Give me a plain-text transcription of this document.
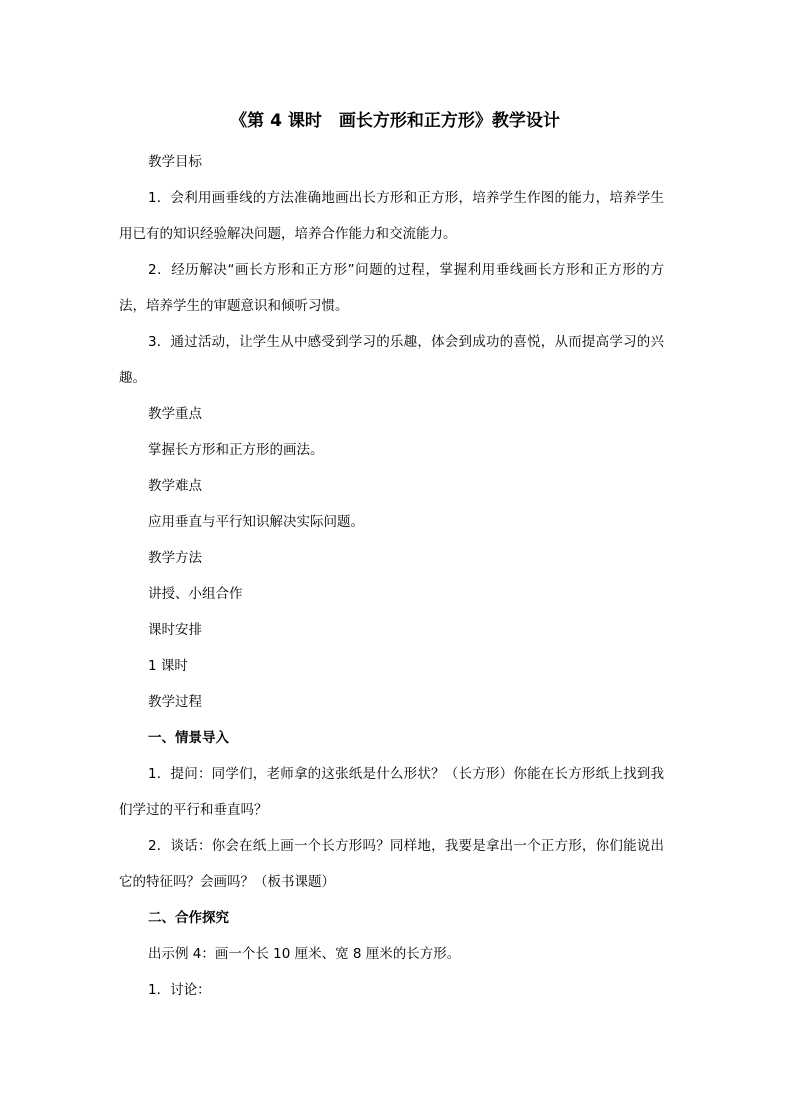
《第 4 课时　画长方形和正方形》教学设计
教学目标
1．会利用画垂线的方法准确地画出长方形和正方形，培养学生作图的能力，培养学生用已有的知识经验解决问题，培养合作能力和交流能力。
2．经历解决“画长方形和正方形”问题的过程，掌握利用垂线画长方形和正方形的方法，培养学生的审题意识和倾听习惯。
3．通过活动，让学生从中感受到学习的乐趣，体会到成功的喜悦，从而提高学习的兴趣。
教学重点
掌握长方形和正方形的画法。
教学难点
应用垂直与平行知识解决实际问题。
教学方法
讲授、小组合作
课时安排
1 课时
教学过程
一、情景导入
1．提问：同学们，老师拿的这张纸是什么形状？（长方形）你能在长方形纸上找到我们学过的平行和垂直吗？
2．谈话：你会在纸上画一个长方形吗？同样地，我要是拿出一个正方形，你们能说出它的特征吗？会画吗？（板书课题）
二、合作探究
出示例 4：画一个长 10 厘米、宽 8 厘米的长方形。
1．讨论：
